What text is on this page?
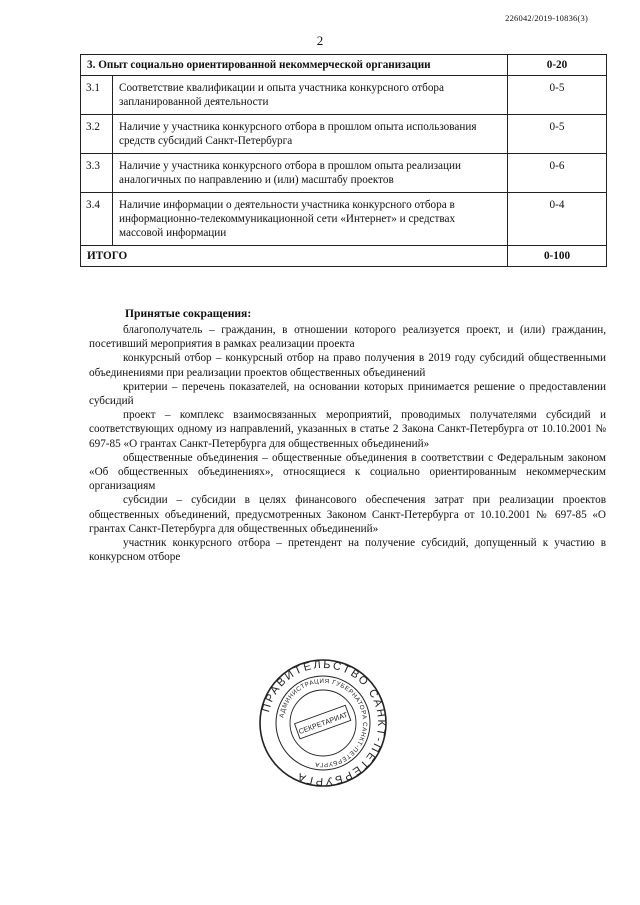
226042/2019-10836(3)
2
3. Опыт социально ориентированной некоммерческой организации		0-20
3.1	Соответствие квалификации и опыта участника конкурсного отбора запланированной деятельности	0-5
3.2	Наличие у участника конкурсного отбора в прошлом опыта использования средств субсидий Санкт-Петербурга	0-5
3.3	Наличие у участника конкурсного отбора в прошлом опыта реализации аналогичных по направлению и (или) масштабу проектов	0-6
3.4	Наличие информации о деятельности участника конкурсного отбора в информационно-телекоммуникационной сети «Интернет» и средствах массовой информации	0-4
ИТОГО		0-100
Принятые сокращения:

благополучатель – гражданин, в отношении которого реализуется проект, и (или) гражданин, посетивший мероприятия в рамках реализации проекта

конкурсный отбор – конкурсный отбор на право получения в 2019 году субсидий общественными объединениями при реализации проектов общественных объединений

критерии – перечень показателей, на основании которых принимается решение о предоставлении субсидий

проект – комплекс взаимосвязанных мероприятий, проводимых получателями субсидий и соответствующих одному из направлений, указанных в статье 2 Закона Санкт-Петербурга от 10.10.2001 № 697-85 «О грантах Санкт-Петербурга для общественных объединений»

общественные объединения – общественные объединения в соответствии с Федеральным законом «Об общественных объединениях», относящиеся к социально ориентированным некоммерческим организациям

субсидии – субсидии в целях финансового обеспечения затрат при реализации проектов общественных объединений, предусмотренных Законом Санкт-Петербурга от 10.10.2001 № 697-85 «О грантах Санкт-Петербурга для общественных объединений»

участник конкурсного отбора – претендент на получение субсидий, допущенный к участию в конкурсном отборе

ПРАВИТЕЛЬСТВО САНКТ-ПЕТЕРБУРГА
АДМИНИСТРАЦИЯ ГУБЕРНАТОРА САНКТ-ПЕТЕРБУРГА
СЕКРЕТАРИАТ
